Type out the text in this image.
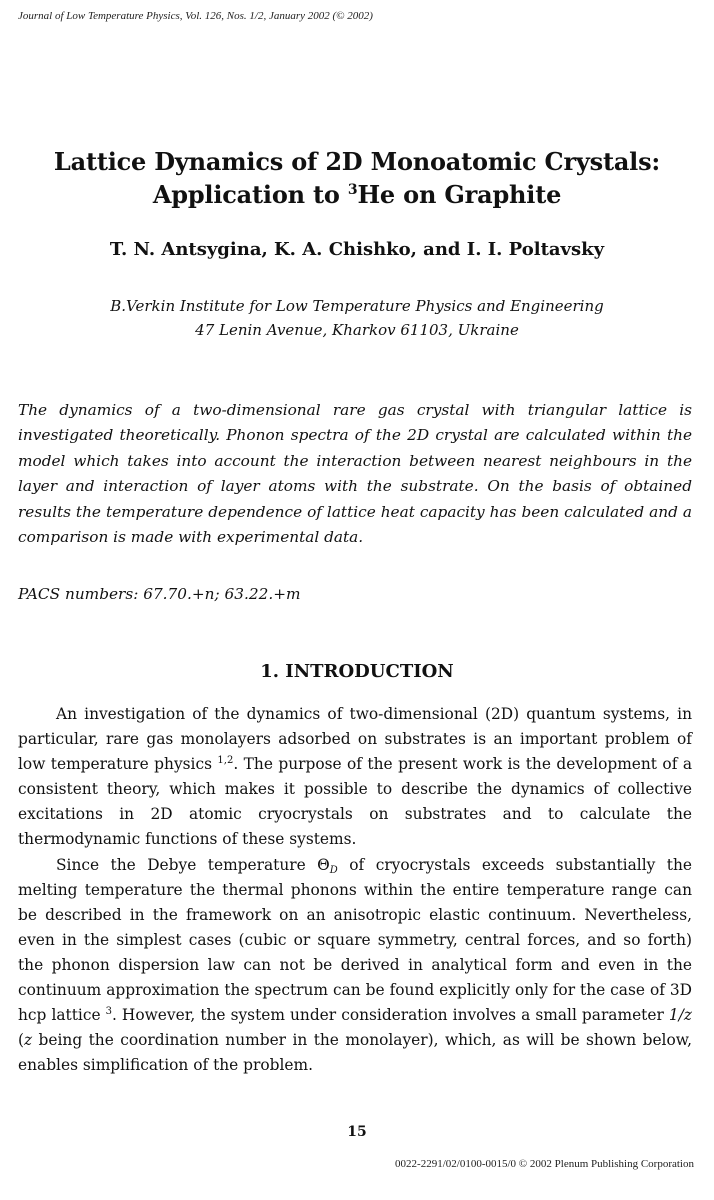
Journal of Low Temperature Physics, Vol. 126, Nos. 1/2, January 2002 (© 2002)
Lattice Dynamics of 2D Monoatomic Crystals:
Application to $^3$He on Graphite
T. N. Antsygina, K. A. Chishko, and I. I. Poltavsky
B.Verkin Institute for Low Temperature Physics and Engineering
47 Lenin Avenue, Kharkov 61103, Ukraine

The dynamics of a two-dimensional rare gas crystal with triangular lattice is investigated theoretically. Phonon spectra of the 2D crystal are calculated within the model which takes into account the interaction between nearest neighbours in the layer and interaction of layer atoms with the substrate. On the basis of obtained results the temperature dependence of lattice heat capacity has been calculated and a comparison is made with experimental data.

PACS numbers: 67.70.+n; 63.22.+m
1. INTRODUCTION

An investigation of the dynamics of two-dimensional (2D) quantum systems, in particular, rare gas monolayers adsorbed on substrates is an important problem of low temperature physics $^{1,2}$. The purpose of the present work is the development of a consistent theory, which makes it possible to describe the dynamics of collective excitations in 2D atomic cryocrystals on substrates and to calculate the thermodynamic functions of these systems.

Since the Debye temperature $\Theta_D$ of cryocrystals exceeds substantially the melting temperature the thermal phonons within the entire temperature range can be described in the framework on an anisotropic elastic continuum. Nevertheless, even in the simplest cases (cubic or square symmetry, central forces, and so forth) the phonon dispersion law can not be derived in analytical form and even in the continuum approximation the spectrum can be found explicitly only for the case of 3D hcp lattice $^3$. However, the system under consideration involves a small parameter 1/z (z being the coordination number in the monolayer), which, as will be shown below, enables simplification of the problem.

15
0022-2291/02/0100-0015/0 © 2002 Plenum Publishing Corporation
